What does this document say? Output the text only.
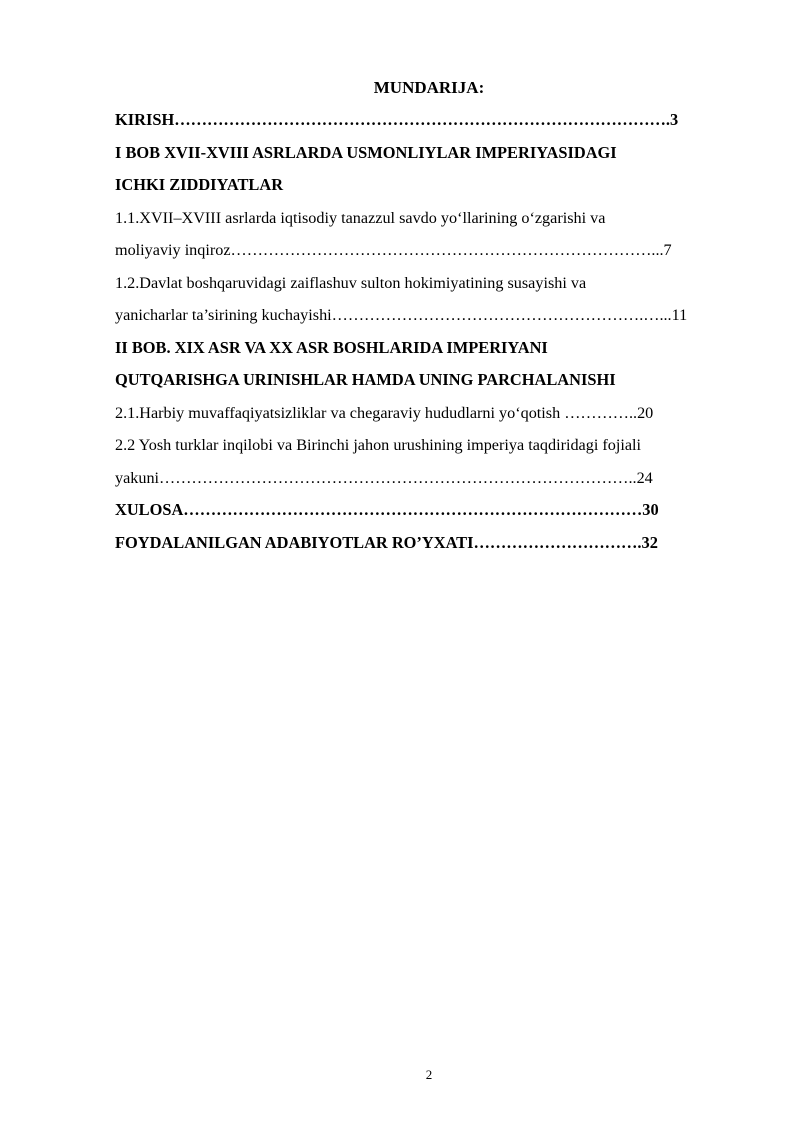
MUNDARIJA:
KIRISH……………………………………………………………………………….3
I BOB XVII-XVIII ASRLARDA USMONLIYLAR IMPERIYASIDAGI
ICHKI ZIDDIYATLAR
1.1.XVII–XVIII asrlarda iqtisodiy tanazzul savdo yo‘llarining o‘zgarishi va
moliyaviy inqiroz……………………………………………………………………...7
1.2.Davlat boshqaruvidagi zaiflashuv sulton hokimiyatining susayishi va
yanicharlar ta’sirining kuchayishi………………………………………………….…...11
II BOB. XIX ASR VA XX ASR BOSHLARIDA IMPERIYANI
QUTQARISHGA URINISHLAR HAMDA UNING PARCHALANISHI
2.1.Harbiy muvaffaqiyatsizliklar va chegaraviy hududlarni yo‘qotish …………..20
2.2 Yosh turklar inqilobi va Birinchi jahon urushining imperiya taqdiridagi fojiali
yakuni……………………………………………………………………………..24
XULOSA…………………………………………………………………………30
FOYDALANILGAN ADABIYOTLAR RO’YXATI………………………….32
2
